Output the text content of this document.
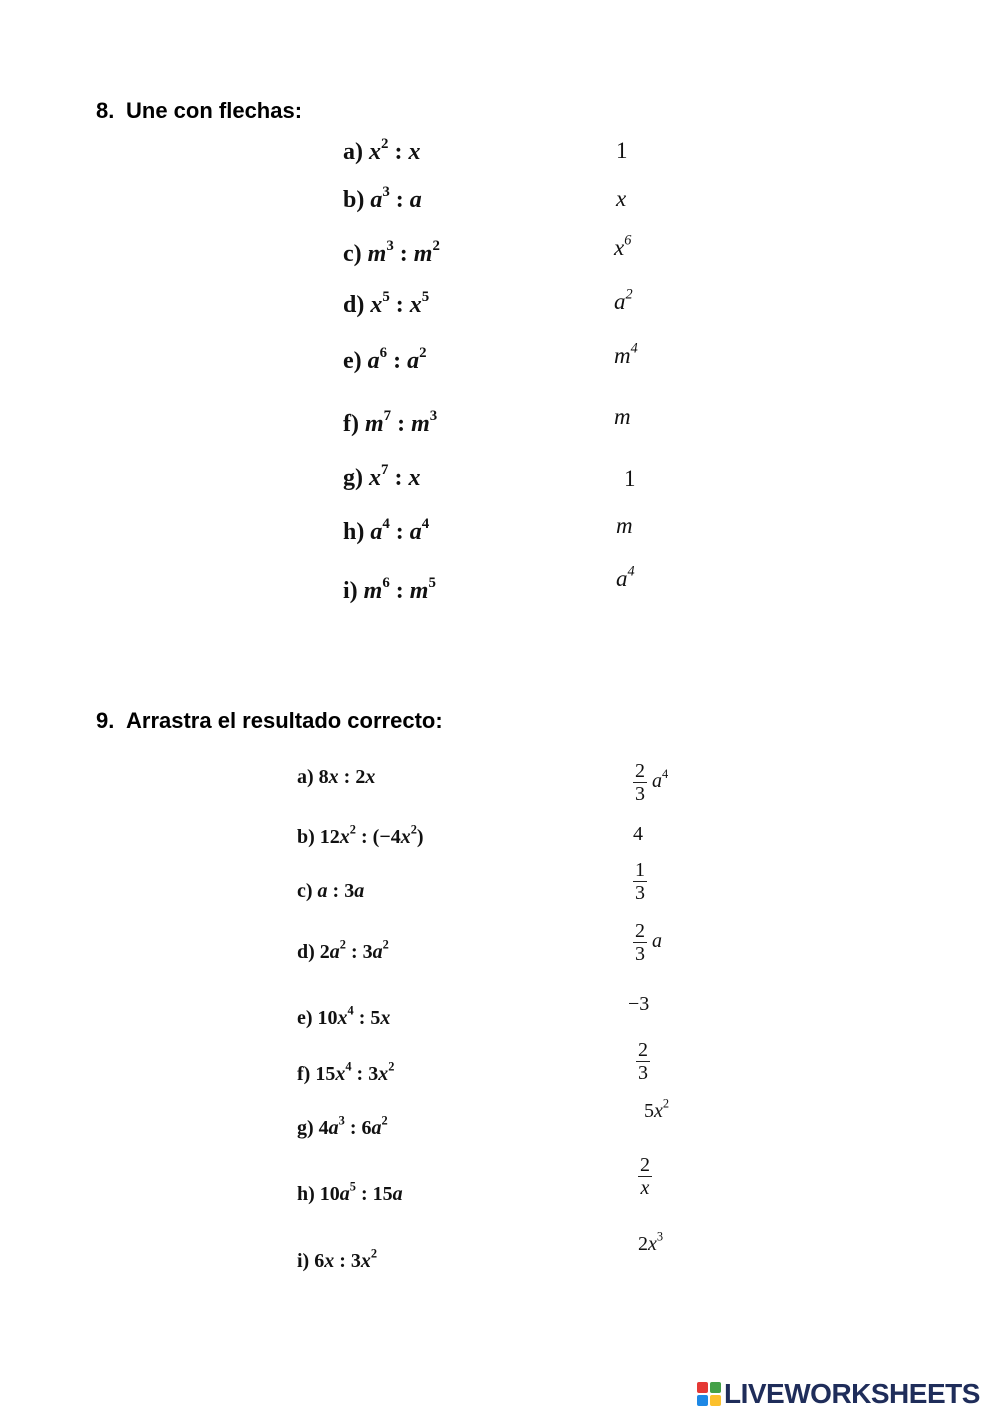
8. Une con flechas:
a) $x^2$ : x
b) $a^3$ : a
c) $m^3$ : $m^2$
d) $x^5$ : $x^5$
e) $a^6$ : $a^2$
f) $m^7$ : $m^3$
g) $x^7$ : x
h) $a^4$ : $a^4$
i) $m^6$ : $m^5$
1
x
$x^6$
$a^2$
$m^4$
m
1
m
$a^4$
9. Arrastra el resultado correcto:
a) 8x : 2x
b) $12x^2$ : $(-4x^2)$
c) a : 3a
d) $2a^2$ : $3a^2$
e) $10x^4$ : 5x
f) $15x^4$ : $3x^2$
g) $4a^3$ : $6a^2$
h) $10a^5$ : 15a
i) 6x : $3x^2$
$\frac{2}{3} a^4$
4
$\frac{1}{3}$
$\frac{2}{3}$ a
−3
$\frac{2}{3}$
$5x^2$
$\frac{2}{x}$
$2x^3$
LIVEWORKSHEETS
